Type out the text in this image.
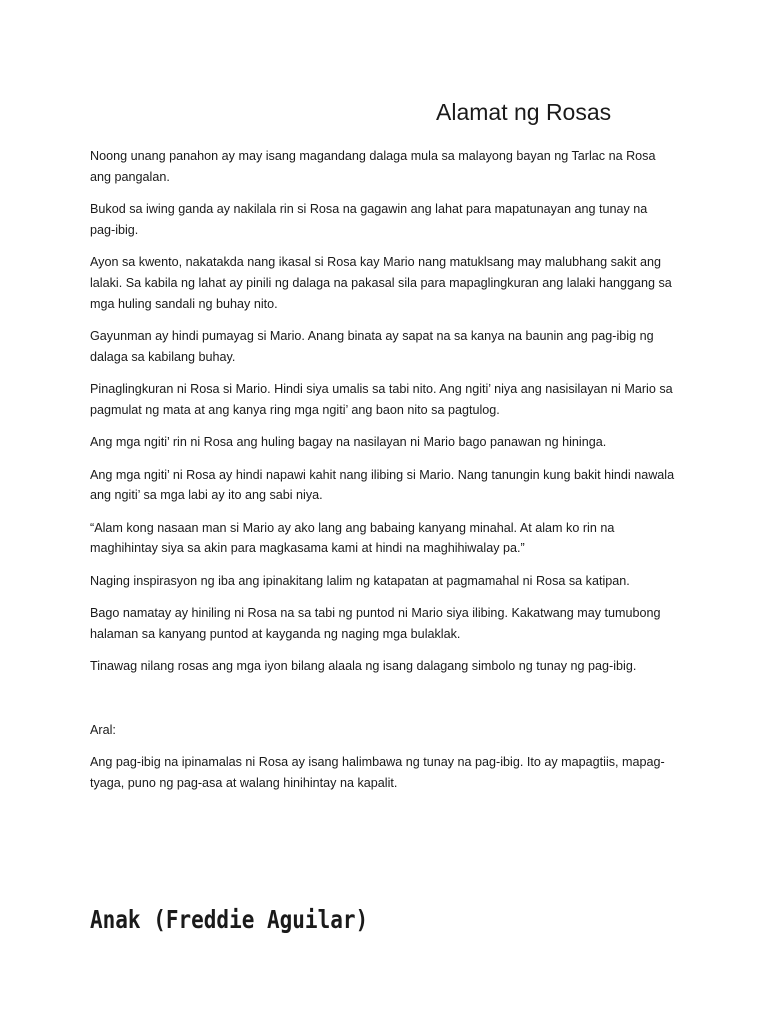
Alamat ng Rosas

Noong unang panahon ay may isang magandang dalaga mula sa malayong bayan ng Tarlac na Rosa ang pangalan.

Bukod sa iwing ganda ay nakilala rin si Rosa na gagawin ang lahat para mapatunayan ang tunay na pag-ibig.

Ayon sa kwento, nakatakda nang ikasal si Rosa kay Mario nang matuklsang may malubhang sakit ang lalaki. Sa kabila ng lahat ay pinili ng dalaga na pakasal sila para mapaglingkuran ang lalaki hanggang sa mga huling sandali ng buhay nito.

Gayunman ay hindi pumayag si Mario. Anang binata ay sapat na sa kanya na baunin ang pag-ibig ng dalaga sa kabilang buhay.

Pinaglingkuran ni Rosa si Mario. Hindi siya umalis sa tabi nito. Ang ngiti’ niya ang nasisilayan ni Mario sa pagmulat ng mata at ang kanya ring mga ngiti’ ang baon nito sa pagtulog.

Ang mga ngiti’ rin ni Rosa ang huling bagay na nasilayan ni Mario bago panawan ng hininga.

Ang mga ngiti’ ni Rosa ay hindi napawi kahit nang ilibing si Mario. Nang tanungin kung bakit hindi nawala ang ngiti’ sa mga labi ay ito ang sabi niya.

“Alam kong nasaan man si Mario ay ako lang ang babaing kanyang minahal. At alam ko rin na maghihintay siya sa akin para magkasama kami at hindi na maghihiwalay pa.”

Naging inspirasyon ng iba ang ipinakitang lalim ng katapatan at pagmamahal ni Rosa sa katipan.

Bago namatay ay hiniling ni Rosa na sa tabi ng puntod ni Mario siya ilibing. Kakatwang may tumubong halaman sa kanyang puntod at kayganda ng naging mga bulaklak.

Tinawag nilang rosas ang mga iyon bilang alaala ng isang dalagang simbolo ng tunay ng pag-ibig.

Aral:

Ang pag-ibig na ipinamalas ni Rosa ay isang halimbawa ng tunay na pag-ibig. Ito ay mapagtiis, mapag-tyaga, puno ng pag-asa at walang hinihintay na kapalit.

Anak (Freddie Aguilar)
